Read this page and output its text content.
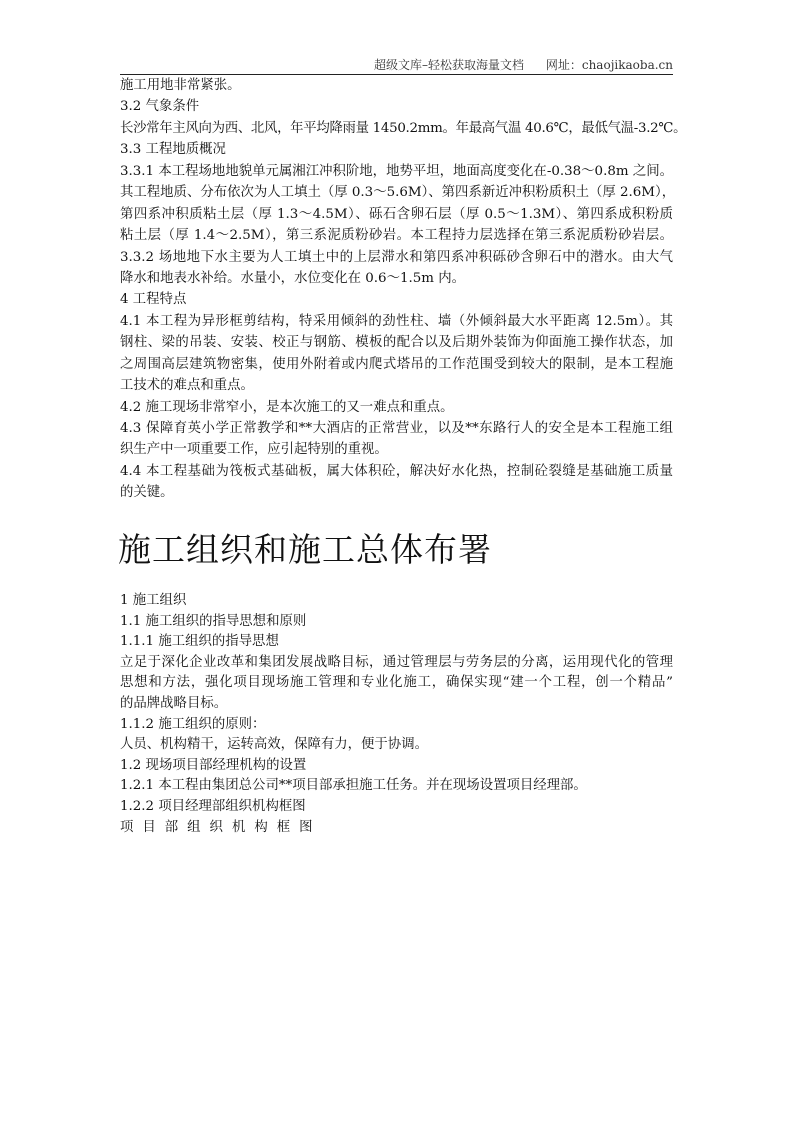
超级文库–轻松获取海量文档 网址：chaojikaoba.cn
施工用地非常紧张。
3.2 气象条件
长沙常年主风向为西、北风，年平均降雨量 1450.2mm。年最高气温 40.6℃，最低气温-3.2℃。
3.3 工程地质概况
3.3.1 本工程场地地貌单元属湘江冲积阶地，地势平坦，地面高度变化在-0.38～0.8m 之间。
其工程地质、分布依次为人工填土（厚 0.3～5.6M）、第四系新近冲积粉质积土（厚 2.6M），
第四系冲积质粘土层（厚 1.3～4.5M）、砾石含卵石层（厚 0.5～1.3M）、第四系成积粉质
粘土层（厚 1.4～2.5M），第三系泥质粉砂岩。本工程持力层选择在第三系泥质粉砂岩层。
3.3.2 场地地下水主要为人工填土中的上层滞水和第四系冲积砾砂含卵石中的潜水。由大气
降水和地表水补给。水量小，水位变化在 0.6～1.5m 内。
4 工程特点
4.1 本工程为异形框剪结构，特采用倾斜的劲性柱、墙（外倾斜最大水平距离 12.5m）。其
钢柱、梁的吊装、安装、校正与钢筋、模板的配合以及后期外装饰为仰面施工操作状态，加
之周围高层建筑物密集，使用外附着或内爬式塔吊的工作范围受到较大的限制，是本工程施
工技术的难点和重点。
4.2 施工现场非常窄小，是本次施工的又一难点和重点。
4.3 保障育英小学正常教学和**大酒店的正常营业，以及**东路行人的安全是本工程施工组
织生产中一项重要工作，应引起特别的重视。
4.4 本工程基础为筏板式基础板，属大体积砼，解决好水化热，控制砼裂缝是基础施工质量
的关键。
施工组织和施工总体布署
1 施工组织
1.1 施工组织的指导思想和原则
1.1.1 施工组织的指导思想
立足于深化企业改革和集团发展战略目标，通过管理层与劳务层的分离，运用现代化的管理
思想和方法，强化项目现场施工管理和专业化施工，确保实现“建一个工程，创一个精品”
的品牌战略目标。
1.1.2 施工组织的原则：
人员、机构精干，运转高效，保障有力，便于协调。
1.2 现场项目部经理机构的设置
1.2.1 本工程由集团总公司**项目部承担施工任务。并在现场设置项目经理部。
1.2.2 项目经理部组织机构框图
项目部组织机构框图
